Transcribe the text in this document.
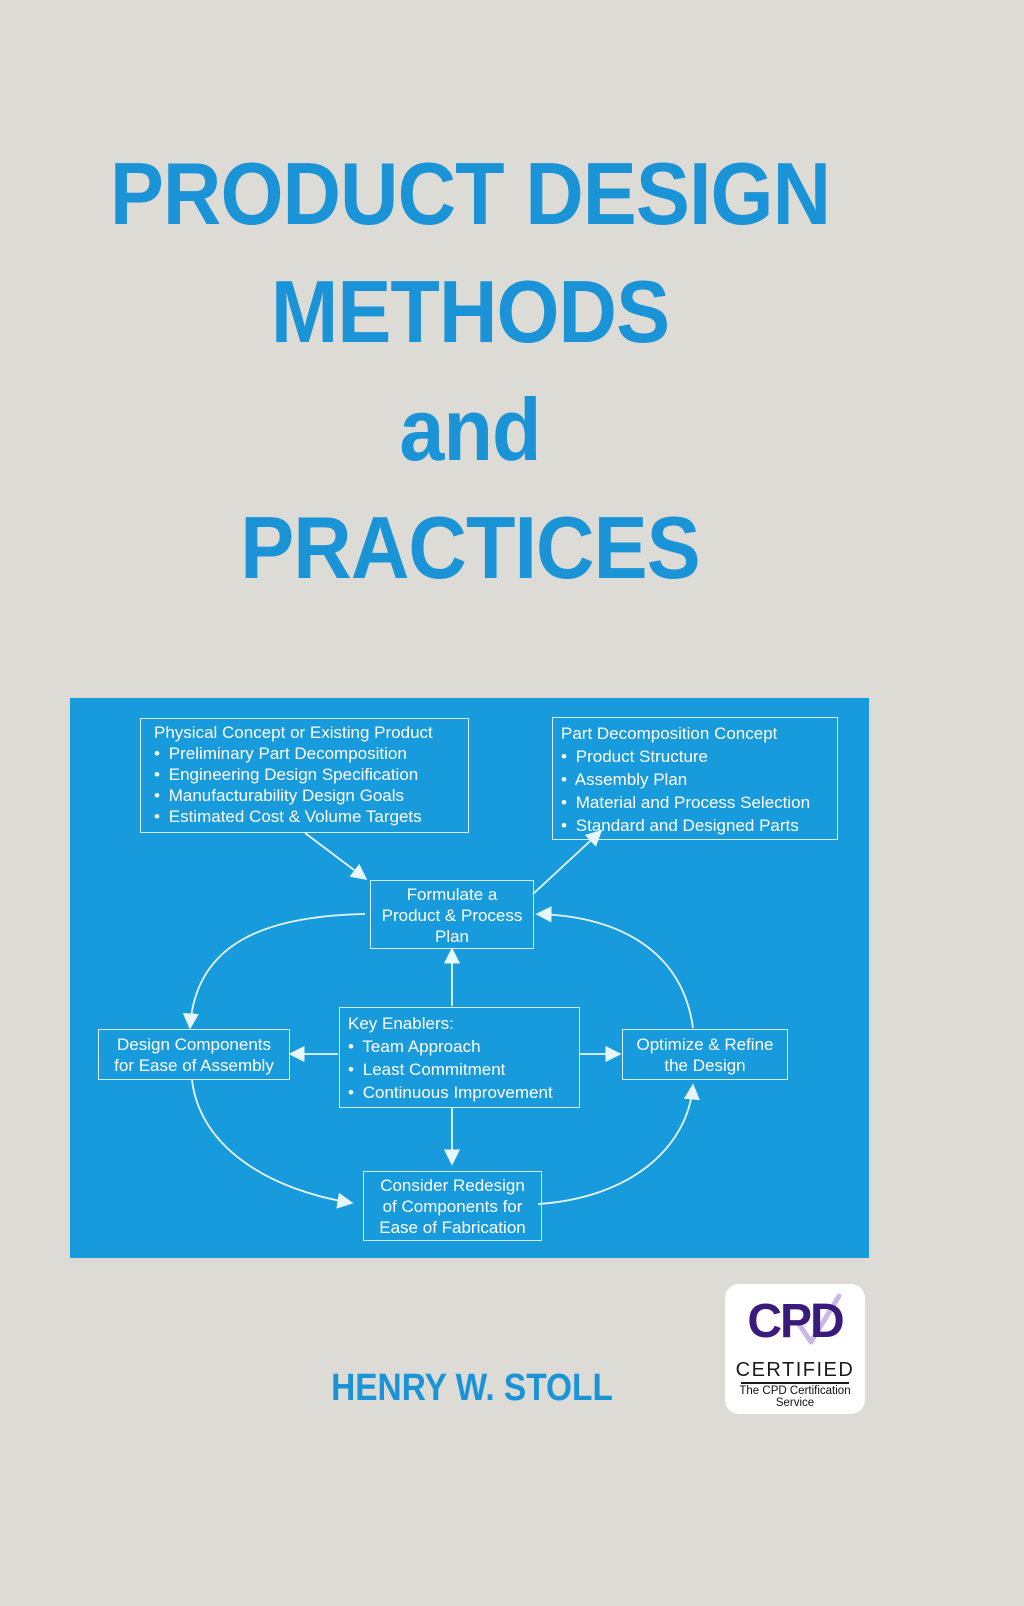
PRODUCT DESIGN
METHODS
and
PRACTICES
Physical Concept or Existing Product
• Preliminary Part Decomposition
• Engineering Design Specification
• Manufacturability Design Goals
• Estimated Cost & Volume Targets
Part Decomposition Concept
• Product Structure
• Assembly Plan
• Material and Process Selection
• Standard and Designed Parts
Formulate a
Product & Process
Plan
Key Enablers:
• Team Approach
• Least Commitment
• Continuous Improvement
Design Components
for Ease of Assembly
Optimize & Refine
the Design
Consider Redesign
of Components for
Ease of Fabrication
HENRY W. STOLL
CPD
CERTIFIED
The CPD Certification
Service
